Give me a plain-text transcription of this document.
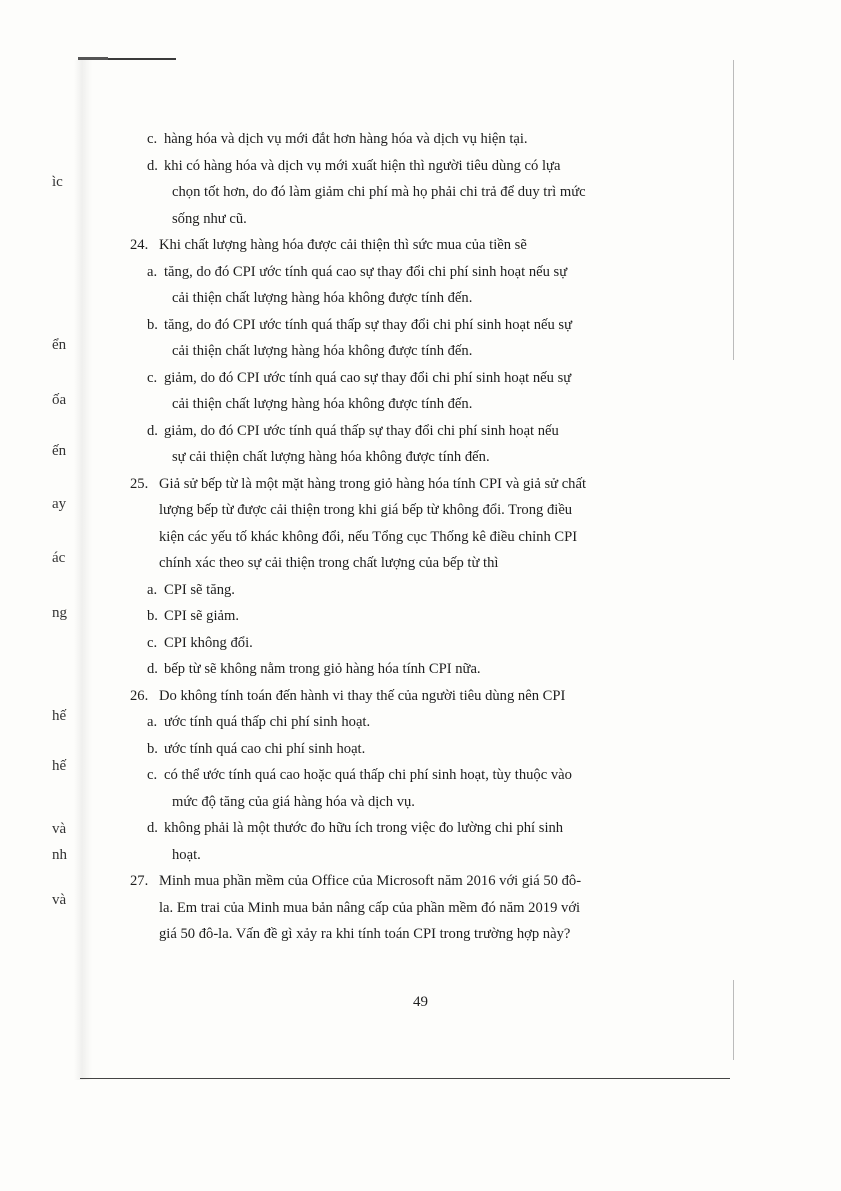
ìc
ển
ốa
ến
ay
ác
ng
hế
hế
và
nh
và
c. hàng hóa và dịch vụ mới đắt hơn hàng hóa và dịch vụ hiện tại.
d. khi có hàng hóa và dịch vụ mới xuất hiện thì người tiêu dùng có lựa
chọn tốt hơn, do đó làm giảm chi phí mà họ phải chi trả để duy trì mức
sống như cũ.
24. Khi chất lượng hàng hóa được cải thiện thì sức mua của tiền sẽ
a. tăng, do đó CPI ước tính quá cao sự thay đổi chi phí sinh hoạt nếu sự
cải thiện chất lượng hàng hóa không được tính đến.
b. tăng, do đó CPI ước tính quá thấp sự thay đổi chi phí sinh hoạt nếu sự
cải thiện chất lượng hàng hóa không được tính đến.
c. giảm, do đó CPI ước tính quá cao sự thay đổi chi phí sinh hoạt nếu sự
cải thiện chất lượng hàng hóa không được tính đến.
d. giảm, do đó CPI ước tính quá thấp sự thay đổi chi phí sinh hoạt nếu
sự cải thiện chất lượng hàng hóa không được tính đến.
25. Giả sử bếp từ là một mặt hàng trong giỏ hàng hóa tính CPI và giả sử chất
lượng bếp từ được cải thiện trong khi giá bếp từ không đổi. Trong điều
kiện các yếu tố khác không đổi, nếu Tổng cục Thống kê điều chỉnh CPI
chính xác theo sự cải thiện trong chất lượng của bếp từ thì
a. CPI sẽ tăng.
b. CPI sẽ giảm.
c. CPI không đổi.
d. bếp từ sẽ không nằm trong giỏ hàng hóa tính CPI nữa.
26. Do không tính toán đến hành vi thay thế của người tiêu dùng nên CPI
a. ước tính quá thấp chi phí sinh hoạt.
b. ước tính quá cao chi phí sinh hoạt.
c. có thể ước tính quá cao hoặc quá thấp chi phí sinh hoạt, tùy thuộc vào
mức độ tăng của giá hàng hóa và dịch vụ.
d. không phải là một thước đo hữu ích trong việc đo lường chi phí sinh
hoạt.
27. Minh mua phần mềm của Office của Microsoft năm 2016 với giá 50 đô-
la. Em trai của Minh mua bản nâng cấp của phần mềm đó năm 2019 với
giá 50 đô-la. Vấn đề gì xảy ra khi tính toán CPI trong trường hợp này?
49
